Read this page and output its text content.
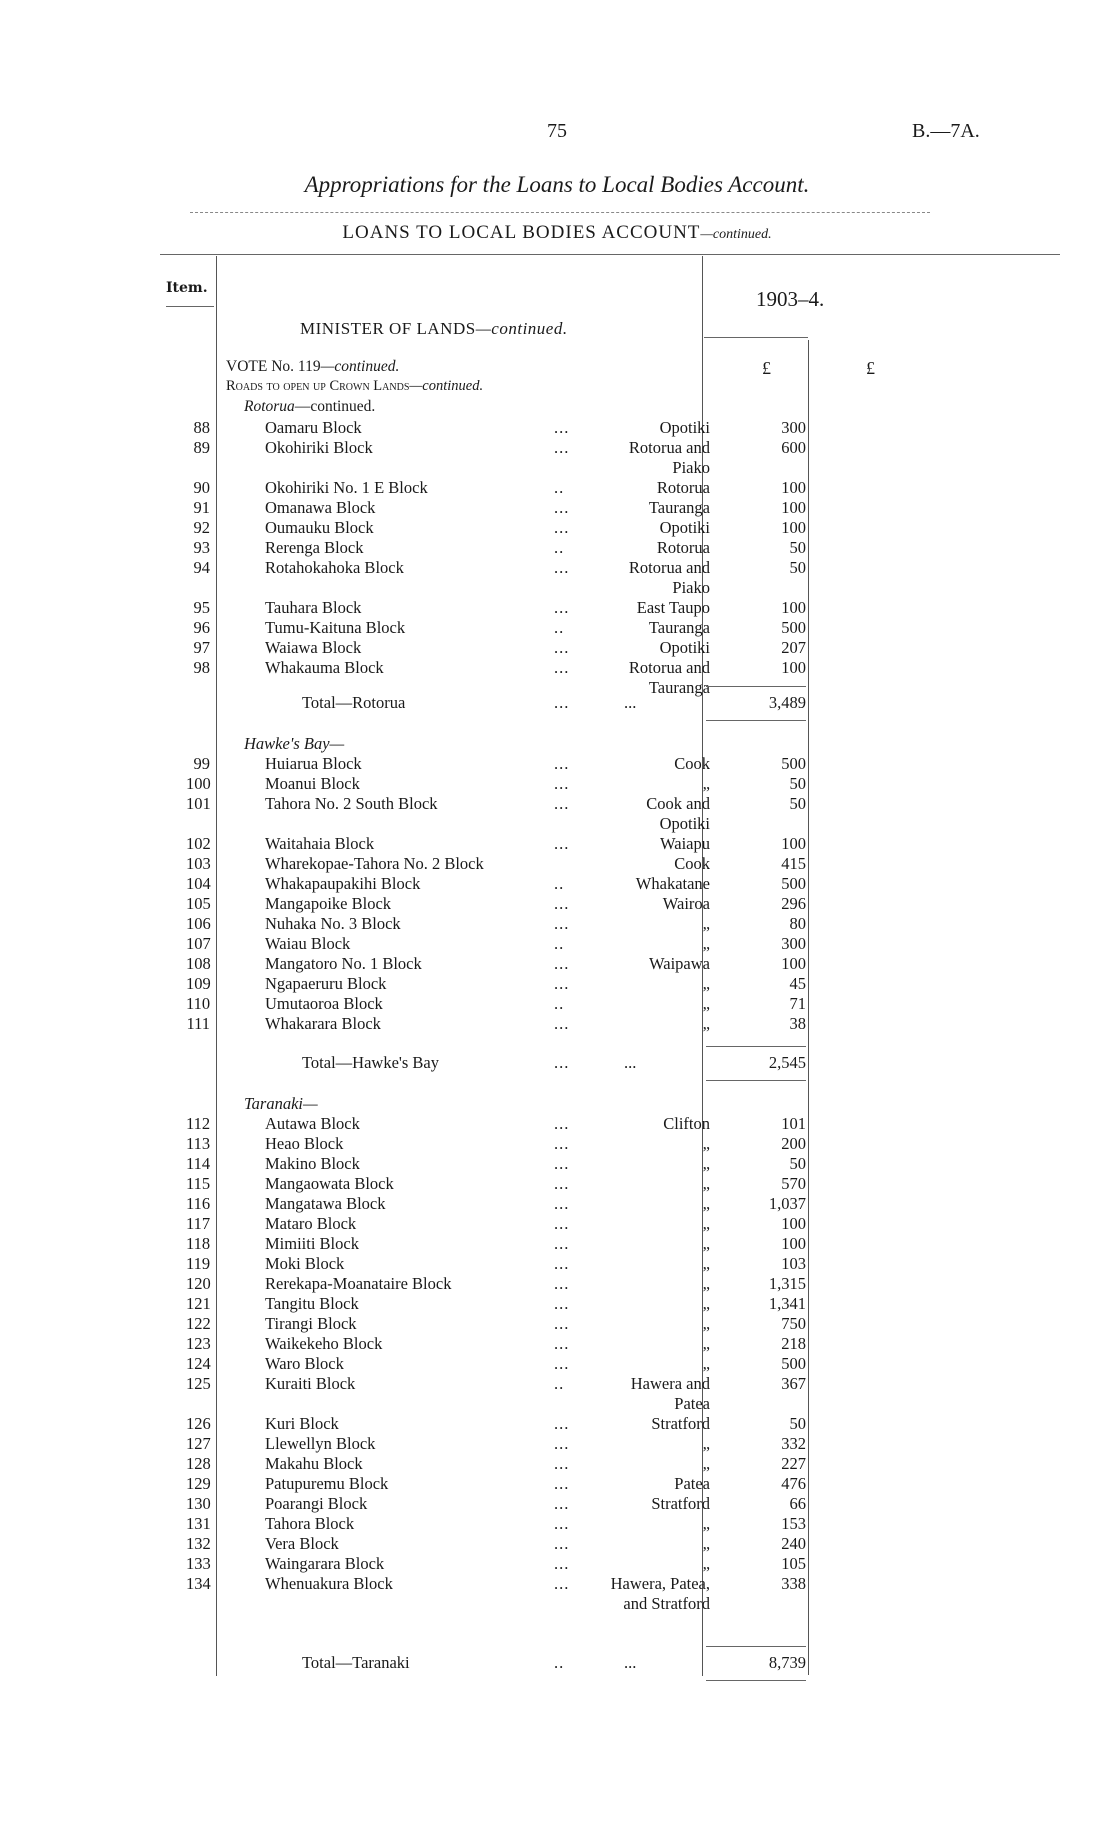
75	B.—7A.
Appropriations for the Loans to Local Bodies Account.
LOANS TO LOCAL BODIES ACCOUNT—continued.
Item.	1903–4.
MINISTER OF LANDS—continued.
£	£
VOTE No. 119—continued.
Roads to open up Crown Lands—continued.
Rotorua—continued.
88	Oamaru Block	...	Opotiki	300
89	Okohiriki Block	...	Rotorua and	600
Piako
90	Okohiriki No. 1 E Block	..	Rotorua	100
91	Omanawa Block	...	Tauranga	100
92	Oumauku Block	...	Opotiki	100
93	Rerenga Block	..	Rotorua	50
94	Rotahokahoka Block	...	Rotorua and	50
Piako
95	Tauhara Block	...	East Taupo	100
96	Tumu-Kaituna Block	..	Tauranga	500
97	Waiawa Block	...	Opotiki	207
98	Whakauma Block	...	Rotorua and	100
Tauranga
Total—Rotorua	...	...	3,489
Hawke's Bay—
99	Huiarua Block	...	Cook	500
100	Moanui Block	...	„	50
101	Tahora No. 2 South Block	...	Cook and	50
Opotiki
102	Waitahaia Block	...	Waiapu	100
103	Wharekopae-Tahora No. 2 Block	Cook	415
104	Whakapaupakihi Block	..	Whakatane	500
105	Mangapoike Block	...	Wairoa	296
106	Nuhaka No. 3 Block	...	„	80
107	Waiau Block	..	„	300
108	Mangatoro No. 1 Block	...	Waipawa	100
109	Ngapaeruru Block	...	„	45
110	Umutaoroa Block	..	„	71
111	Whakarara Block	...	„	38
Total—Hawke's Bay	...	...	2,545
Taranaki—
112	Autawa Block	...	Clifton	101
113	Heao Block	...	„	200
114	Makino Block	...	„	50
115	Mangaowata Block	...	„	570
116	Mangatawa Block	...	„	1,037
117	Mataro Block	...	„	100
118	Mimiiti Block	...	„	100
119	Moki Block	...	„	103
120	Rerekapa-Moanataire Block	...	„	1,315
121	Tangitu Block	...	„	1,341
122	Tirangi Block	...	„	750
123	Waikekeho Block	...	„	218
124	Waro Block	...	„	500
125	Kuraiti Block	..	Hawera and	367
Patea
126	Kuri Block	...	Stratford	50
127	Llewellyn Block	...	„	332
128	Makahu Block	...	„	227
129	Patupuremu Block	...	Patea	476
130	Poarangi Block	...	Stratford	66
131	Tahora Block	...	„	153
132	Vera Block	...	„	240
133	Waingarara Block	...	„	105
134	Whenuakura Block	...	Hawera, Patea,	338
and Stratford
Total—Taranaki	..	...	8,739
